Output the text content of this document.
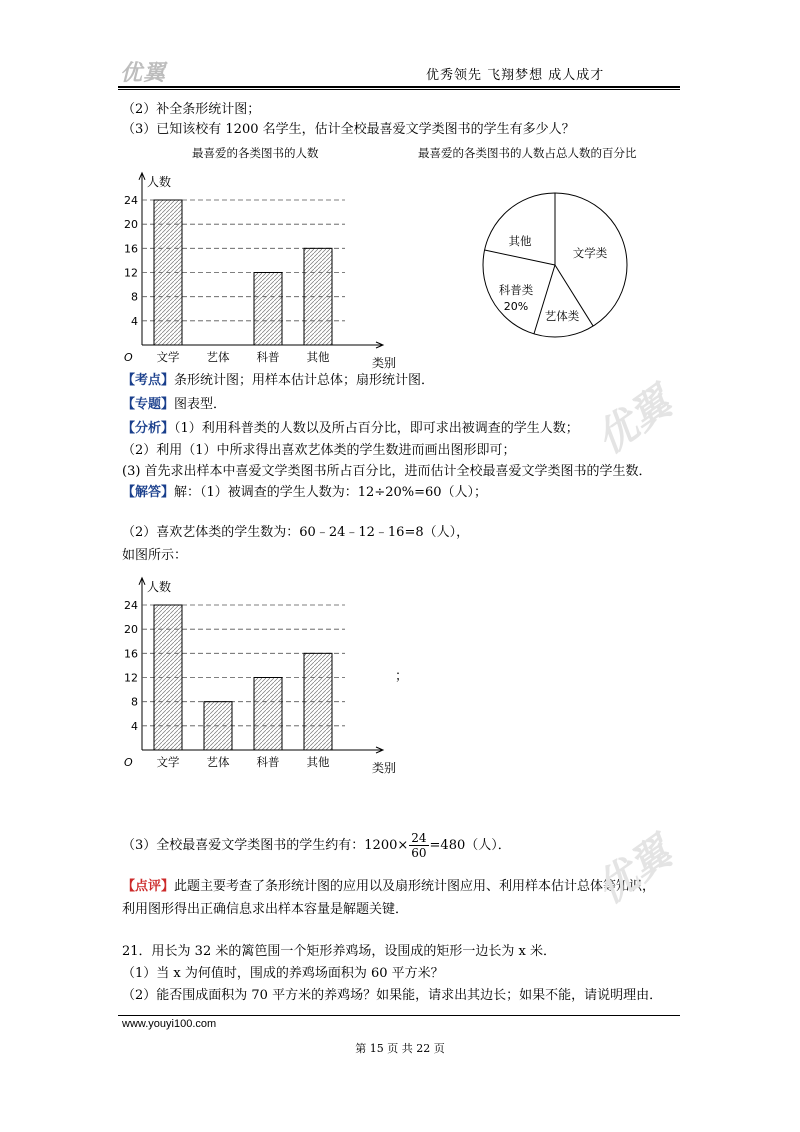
优翼	优秀领先 飞翔梦想 成人成才
（2）补全条形统计图；
（3）已知该校有 1200 名学生，估计全校最喜爱文学类图书的学生有多少人？
最喜爱的各类图书的人数	最喜爱的各类图书的人数占总人数的百分比
人数
类别
O
4
8
12
16
20
24
文学 艺体 科普 其他
文学类
艺体类
科普类
20%
其他
【考点】条形统计图；用样本估计总体；扇形统计图．
【专题】图表型．
【分析】（1）利用科普类的人数以及所占百分比，即可求出被调查的学生人数；
（2）利用（1）中所求得出喜欢艺体类的学生数进而画出图形即可；
(3) 首先求出样本中喜爱文学类图书所占百分比，进而估计全校最喜爱文学类图书的学生数．
【解答】解：（1）被调查的学生人数为：12÷20%=60（人）；
（2）喜欢艺体类的学生数为：60﹣24﹣12﹣16=8（人），
如图所示：
人数
类别
O
4
8
12
16
20
24
文学 艺体 科普 其他
；
（3）全校最喜爱文学类图书的学生约有：$1200\times \frac{24}{60} =480$（人）．
【点评】此题主要考查了条形统计图的应用以及扇形统计图应用、利用样本估计总体等知识，
利用图形得出正确信息求出样本容量是解题关键．
21．用长为 32 米的篱笆围一个矩形养鸡场，设围成的矩形一边长为 x 米．
（1）当 x 为何值时，围成的养鸡场面积为 60 平方米？
（2）能否围成面积为 70 平方米的养鸡场？如果能，请求出其边长；如果不能，请说明理由．
www.youyi100.com
第 15 页 共 22 页
优翼
优翼
